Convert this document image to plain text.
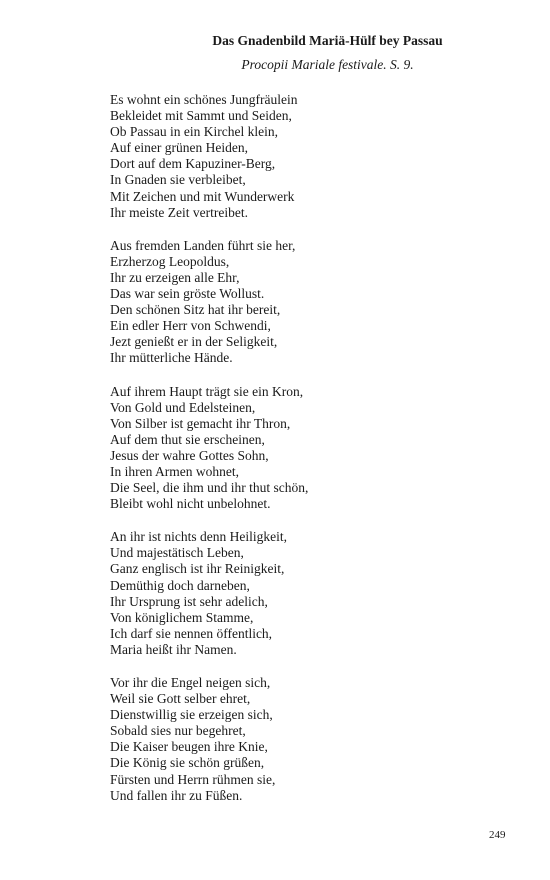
Das Gnadenbild Mariä-Hülf bey Passau
Procopii Mariale festivale. S. 9.
Es wohnt ein schönes Jungfräulein
Bekleidet mit Sammt und Seiden,
Ob Passau in ein Kirchel klein,
Auf einer grünen Heiden,
Dort auf dem Kapuziner-Berg,
In Gnaden sie verbleibet,
Mit Zeichen und mit Wunderwerk
Ihr meiste Zeit vertreibet.
Aus fremden Landen führt sie her,
Erzherzog Leopoldus,
Ihr zu erzeigen alle Ehr,
Das war sein gröste Wollust.
Den schönen Sitz hat ihr bereit,
Ein edler Herr von Schwendi,
Jezt genießt er in der Seligkeit,
Ihr mütterliche Hände.
Auf ihrem Haupt trägt sie ein Kron,
Von Gold und Edelsteinen,
Von Silber ist gemacht ihr Thron,
Auf dem thut sie erscheinen,
Jesus der wahre Gottes Sohn,
In ihren Armen wohnet,
Die Seel, die ihm und ihr thut schön,
Bleibt wohl nicht unbelohnet.
An ihr ist nichts denn Heiligkeit,
Und majestätisch Leben,
Ganz englisch ist ihr Reinigkeit,
Demüthig doch darneben,
Ihr Ursprung ist sehr adelich,
Von königlichem Stamme,
Ich darf sie nennen öffentlich,
Maria heißt ihr Namen.
Vor ihr die Engel neigen sich,
Weil sie Gott selber ehret,
Dienstwillig sie erzeigen sich,
Sobald sies nur begehret,
Die Kaiser beugen ihre Knie,
Die König sie schön grüßen,
Fürsten und Herrn rühmen sie,
Und fallen ihr zu Füßen.
249
